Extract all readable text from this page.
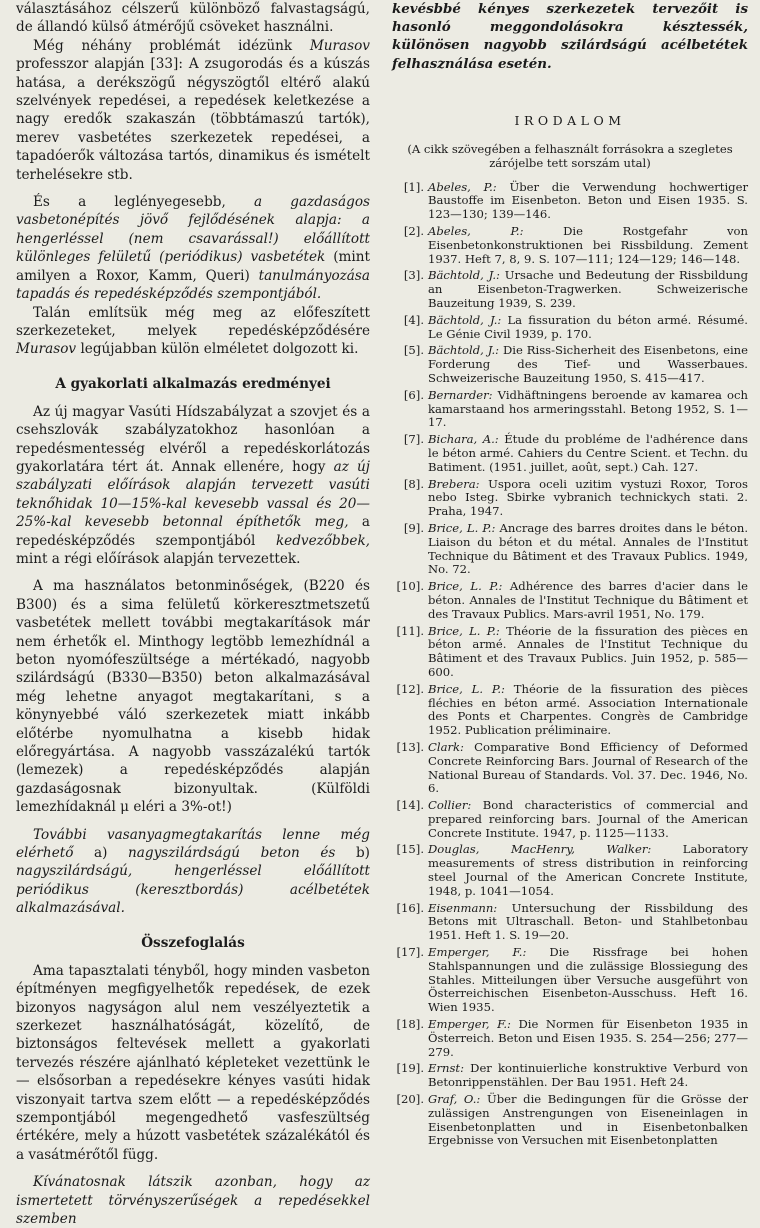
választásához célszerű különböző falvastagságú, de állandó külső átmérőjű csöveket használni.

Még néhány problémát idézünk Murasov professzor alapján [33]: A zsugorodás és a kúszás hatása, a derékszögű négyszögtől eltérő alakú szelvények repedései, a repedések keletkezése a nagy eredők szakaszán (többtámaszú tartók), merev vasbetétes szerkezetek repedései, a tapadóerők változása tartós, dinamikus és ismételt terhelésekre stb.

És a leglényegesebb, a gazdaságos vasbetonépítés jövő fejlődésének alapja: a hengerléssel (nem csavarással!) előállított különleges felületű (periódikus) vasbetétek (mint amilyen a Roxor, Kamm, Queri) tanulmányozása tapadás és repedésképződés szempontjából.

Talán említsük még meg az előfeszített szerkezeteket, melyek repedésképződésére Murasov legújabban külön elméletet dolgozott ki.

A gyakorlati alkalmazás eredményei

Az új magyar Vasúti Hídszabályzat a szovjet és a csehszlovák szabályzatokhoz hasonlóan a repedésmentesség elvéről a repedéskorlátozás gyakorlatára tért át. Annak ellenére, hogy az új szabályzati előírások alapján tervezett vasúti teknőhidak 10—15%-kal kevesebb vassal és 20—25%-kal kevesebb betonnal építhetők meg, a repedésképződés szempontjából kedvezőbbek, mint a régi előírások alapján tervezettek.

A ma használatos betonminőségek, (B220 és B300) és a sima felületű körkeresztmetszetű vasbetétek mellett további megtakarítások már nem érhetők el. Minthogy legtöbb lemezhídnál a beton nyomófeszültsége a mértékadó, nagyobb szilárdságú (B330—B350) beton alkalmazásával még lehetne anyagot megtakarítani, s a könynyebbé váló szerkezetek miatt inkább előtérbe nyomulhatna a kisebb hidak előregyártása. A nagyobb vasszázalékú tartók (lemezek) a repedésképződés alapján gazdaságosnak bizonyultak. (Külföldi lemezhídaknál μ eléri a 3%-ot!)

További vasanyagmegtakarítás lenne még elérhető a) nagyszilárdságú beton és b) nagyszilárdságú, hengerléssel előállított periódikus (keresztbordás) acélbetétek alkalmazásával.

Összefoglalás

Ama tapasztalati tényből, hogy minden vasbeton építményen megfigyelhetők repedések, de ezek bizonyos nagyságon alul nem veszélyeztetik a szerkezet használhatóságát, közelítő, de biztonságos feltevések mellett a gyakorlati tervezés részére ajánlható képleteket vezettünk le — elsősorban a repedésekre kényes vasúti hidak viszonyait tartva szem előtt — a repedésképződés szempontjából megengedhető vasfeszültség értékére, mely a húzott vasbetétek százalékától és a vasátmérőtől függ.

Kívánatosnak látszik azonban, hogy az ismertetett törvényszerűségek a repedésekkel szemben

kevésbbé kényes szerkezetek tervezőit is hasonló meggondolásokra késztessék, különösen nagyobb szilárdságú acélbetétek felhasználása esetén.

IRODALOM
(A cikk szövegében a felhasznált forrásokra a szegletes zárójelbe tett sorszám utal)
[1]. Abeles, P.: Über die Verwendung hochwertiger Baustoffe im Eisenbeton. Beton und Eisen 1935. S. 123—130; 139—146.
[2]. Abeles, P.: Die Rostgefahr von Eisenbetonkonstruktionen bei Rissbildung. Zement 1937. Heft 7, 8, 9. S. 107—111; 124—129; 146—148.
[3]. Bächtold, J.: Ursache und Bedeutung der Rissbildung an Eisenbeton-Tragwerken. Schweizerische Bauzeitung 1939, S. 239.
[4]. Bächtold, J.: La fissuration du béton armé. Résumé. Le Génie Civil 1939, p. 170.
[5]. Bächtold, J.: Die Riss-Sicherheit des Eisenbetons, eine Forderung des Tief- und Wasserbaues. Schweizerische Bauzeitung 1950, S. 415—417.
[6]. Bernarder: Vidhäftningens beroende av kamarea och kamarstaand hos armeringsstahl. Betong 1952, S. 1—17.
[7]. Bichara, A.: Étude du probléme de l'adhérence dans le béton armé. Cahiers du Centre Scient. et Techn. du Batiment. (1951. juillet, août, sept.) Cah. 127.
[8]. Brebera: Uspora oceli uzitim vystuzi Roxor, Toros nebo Isteg. Sbirke vybranich technickych stati. 2. Praha, 1947.
[9]. Brice, L. P.: Ancrage des barres droites dans le béton. Liaison du béton et du métal. Annales de l'Institut Technique du Bâtiment et des Travaux Publics. 1949, No. 72.
[10]. Brice, L. P.: Adhérence des barres d'acier dans le béton. Annales de l'Institut Technique du Bâtiment et des Travaux Publics. Mars-avril 1951, No. 179.
[11]. Brice, L. P.: Théorie de la fissuration des pièces en béton armé. Annales de l'Institut Technique du Bâtiment et des Travaux Publics. Juin 1952, p. 585—600.
[12]. Brice, L. P.: Théorie de la fissuration des pièces fléchies en béton armé. Association Internationale des Ponts et Charpentes. Congrès de Cambridge 1952. Publication préliminaire.
[13]. Clark: Comparative Bond Efficiency of Deformed Concrete Reinforcing Bars. Journal of Research of the National Bureau of Standards. Vol. 37. Dec. 1946, No. 6.
[14]. Collier: Bond characteristics of commercial and prepared reinforcing bars. Journal of the American Concrete Institute. 1947, p. 1125—1133.
[15]. Douglas, MacHenry, Walker: Laboratory measurements of stress distribution in reinforcing steel Journal of the American Concrete Institute, 1948, p. 1041—1054.
[16]. Eisenmann: Untersuchung der Rissbildung des Betons mit Ultraschall. Beton- und Stahlbetonbau 1951. Heft 1. S. 19—20.
[17]. Emperger, F.: Die Rissfrage bei hohen Stahlspannungen und die zulässige Blossiegung des Stahles. Mitteilungen über Versuche ausgeführt von Österreichischen Eisenbeton-Ausschuss. Heft 16. Wien 1935.
[18]. Emperger, F.: Die Normen für Eisenbeton 1935 in Österreich. Beton und Eisen 1935. S. 254—256; 277—279.
[19]. Ernst: Der kontinuierliche konstruktive Verburd von Betonrippenstählen. Der Bau 1951. Heft 24.
[20]. Graf, O.: Über die Bedingungen für die Grösse der zulässigen Anstrengungen von Eiseneinlagen in Eisenbetonplatten und in Eisenbetonbalken Ergebnisse von Versuchen mit Eisenbetonplatten
